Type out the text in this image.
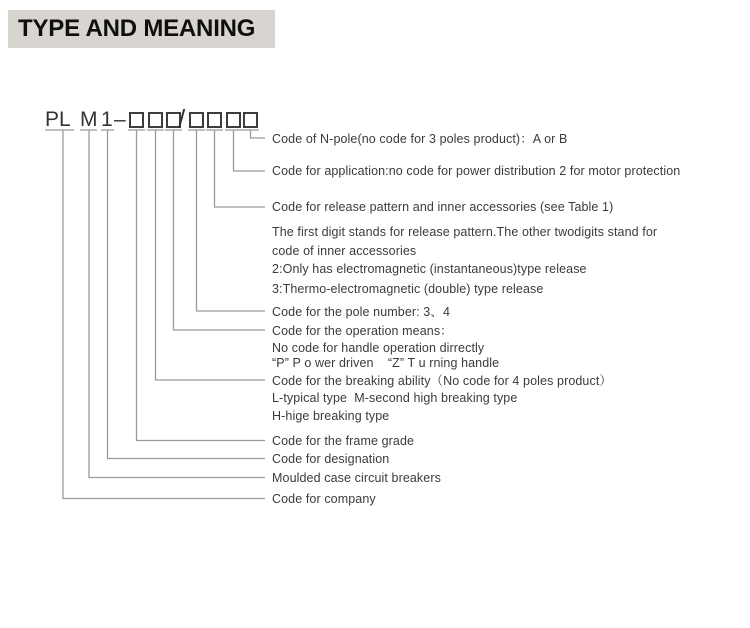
TYPE AND MEANING
PL M 1 – /
Code of N-pole(no code for 3 poles product)：A or B
Code for application:no code for power distribution 2 for motor protection
Code for release pattern and inner accessories (see Table 1)
The first digit stands for release pattern.The other twodigits stand for
code of inner accessories
2:Only has electromagnetic (instantaneous)type release
3:Thermo-electromagnetic (double) type release
Code for the pole number: 3、4
Code for the operation means：
No code for handle operation dirrectly
“P” P o wer driven    “Z” T u rning handle
Code for the breaking ability（No code for 4 poles product）
L-typical type  M-second high breaking type
H-hige breaking type
Code for the frame grade
Code for designation
Moulded case circuit breakers
Code for company
